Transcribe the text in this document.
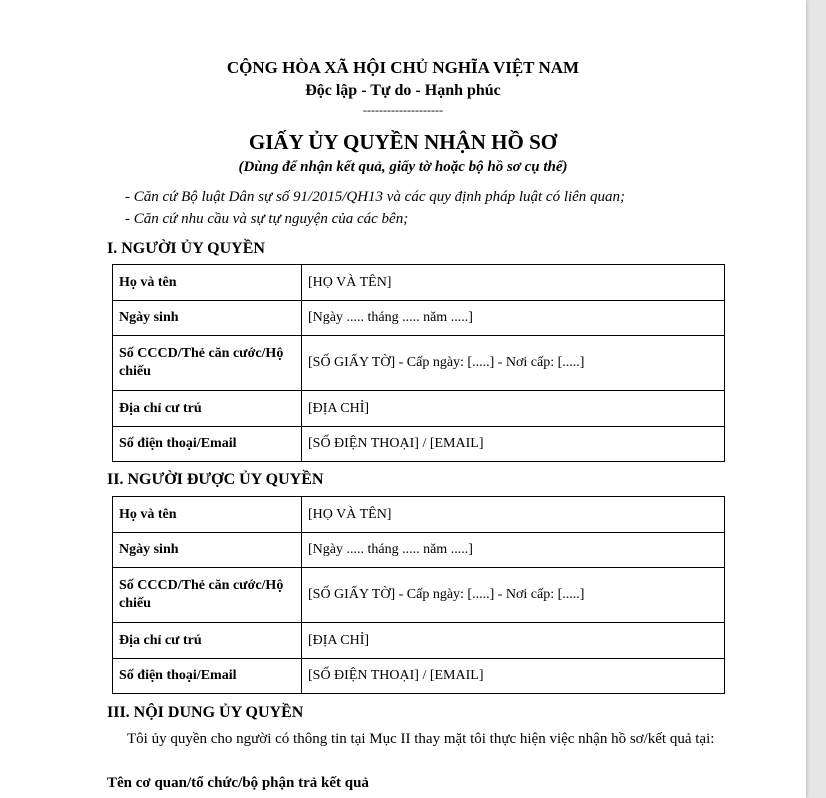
CỘNG HÒA XÃ HỘI CHỦ NGHĨA VIỆT NAM
Độc lập - Tự do - Hạnh phúc
--------------------
GIẤY ỦY QUYỀN NHẬN HỒ SƠ
(Dùng để nhận kết quả, giấy tờ hoặc bộ hồ sơ cụ thể)
- Căn cứ Bộ luật Dân sự số 91/2015/QH13 và các quy định pháp luật có liên quan;
- Căn cứ nhu cầu và sự tự nguyện của các bên;
I. NGƯỜI ỦY QUYỀN
Họ và tên	[HỌ VÀ TÊN]
Ngày sinh	[Ngày ..... tháng ..... năm .....]
Số CCCD/Thẻ căn cước/Hộ chiếu	[SỐ GIẤY TỜ] - Cấp ngày: [.....] - Nơi cấp: [.....]
Địa chỉ cư trú	[ĐỊA CHỈ]
Số điện thoại/Email	[SỐ ĐIỆN THOẠI] / [EMAIL]
II. NGƯỜI ĐƯỢC ỦY QUYỀN
Họ và tên	[HỌ VÀ TÊN]
Ngày sinh	[Ngày ..... tháng ..... năm .....]
Số CCCD/Thẻ căn cước/Hộ chiếu	[SỐ GIẤY TỜ] - Cấp ngày: [.....] - Nơi cấp: [.....]
Địa chỉ cư trú	[ĐỊA CHỈ]
Số điện thoại/Email	[SỐ ĐIỆN THOẠI] / [EMAIL]
III. NỘI DUNG ỦY QUYỀN
Tôi ủy quyền cho người có thông tin tại Mục II thay mặt tôi thực hiện việc nhận hồ sơ/kết quả tại:
Tên cơ quan/tổ chức/bộ phận trả kết quả
